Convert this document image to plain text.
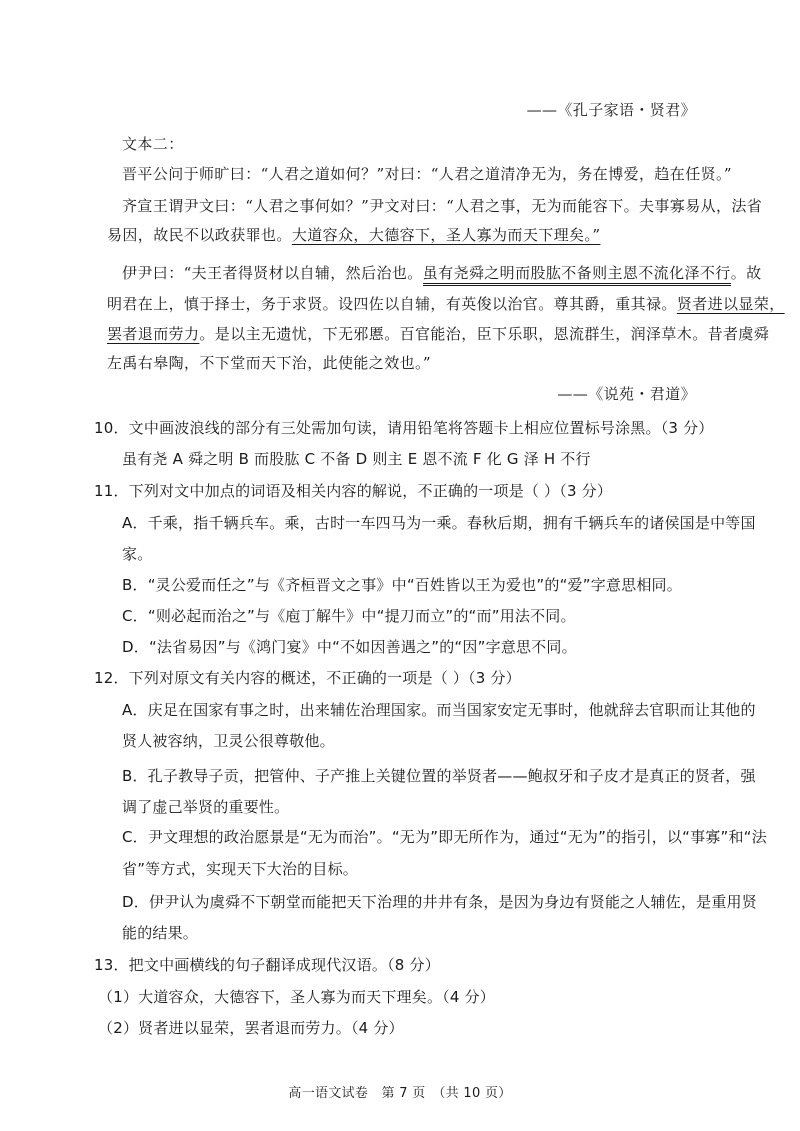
——《孔子家语・贤君》
文本二：
晋平公问于师旷曰：“人君之道如何？”对曰：“人君之道清净无为，务在博爱，趋在任贤。”
齐宣王谓尹文曰：“人君之事何如？”尹文对曰：“人君之事，无为而能容下。夫事寡易从，法省
易因，故民不以政获罪也。大道容众，大德容下，圣人寡为而天下理矣。”
伊尹曰：“夫王者得贤材以自辅，然后治也。虽有尧舜之明而股肱不备则主恩不流化泽不行。故
明君在上，慎于择士，务于求贤。设四佐以自辅，有英俊以治官。尊其爵，重其禄。贤者进以显荣，
罢者退而劳力。是以主无遗忧，下无邪慝。百官能治，臣下乐职，恩流群生，润泽草木。昔者虞舜
左禹右皋陶，不下堂而天下治，此使能之效也。”
——《说苑・君道》
10．文中画波浪线的部分有三处需加句读，请用铅笔将答题卡上相应位置标号涂黑。（3 分）
虽有尧 A 舜之明 B 而股肱 C 不备 D 则主 E 恩不流 F 化 G 泽 H 不行
11．下列对文中加点的词语及相关内容的解说，不正确的一项是（ ）（3 分）
A．千乘，指千辆兵车。乘，古时一车四马为一乘。春秋后期，拥有千辆兵车的诸侯国是中等国
家。
B．“灵公爱而任之”与《齐桓晋文之事》中“百姓皆以王为爱也”的“爱”字意思相同。
C．“则必起而治之”与《庖丁解牛》中“提刀而立”的“而”用法不同。
D．“法省易因”与《鸿门宴》中“不如因善遇之”的“因”字意思不同。
12．下列对原文有关内容的概述，不正确的一项是（ ）（3 分）
A．庆足在国家有事之时，出来辅佐治理国家。而当国家安定无事时，他就辞去官职而让其他的
贤人被容纳，卫灵公很尊敬他。
B．孔子教导子贡，把管仲、子产推上关键位置的举贤者——鲍叔牙和子皮才是真正的贤者，强
调了虚己举贤的重要性。
C．尹文理想的政治愿景是“无为而治”。“无为”即无所作为，通过“无为”的指引，以“事寡”和“法
省”等方式，实现天下大治的目标。
D．伊尹认为虞舜不下朝堂而能把天下治理的井井有条，是因为身边有贤能之人辅佐，是重用贤
能的结果。
13．把文中画横线的句子翻译成现代汉语。（8 分）
（1）大道容众，大德容下，圣人寡为而天下理矣。（4 分）
（2）贤者进以显荣，罢者退而劳力。（4 分）
高一语文试卷　第 7 页　（共 10 页）
